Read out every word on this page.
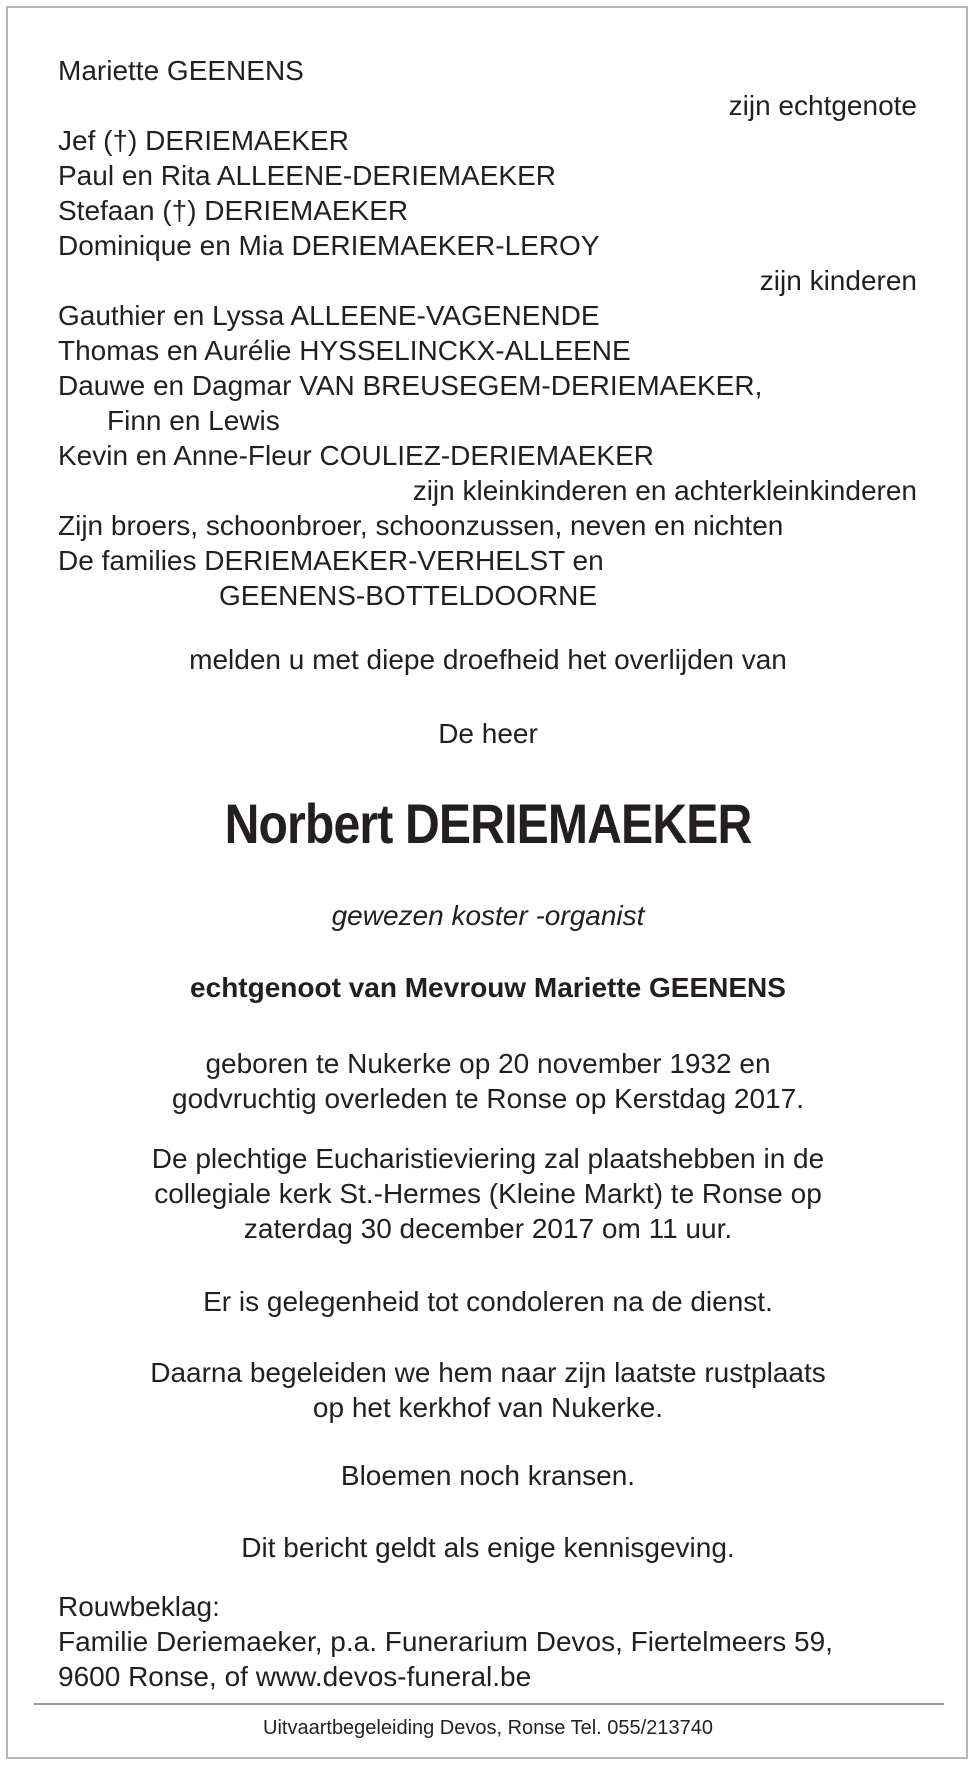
Mariette GEENENS
zijn echtgenote
Jef (†) DERIEMAEKER
Paul en Rita ALLEENE-DERIEMAEKER
Stefaan (†) DERIEMAEKER
Dominique en Mia DERIEMAEKER-LEROY
zijn kinderen
Gauthier en Lyssa ALLEENE-VAGENENDE
Thomas en Aurélie HYSSELINCKX-ALLEENE
Dauwe en Dagmar VAN BREUSEGEM-DERIEMAEKER,
Finn en Lewis
Kevin en Anne-Fleur COULIEZ-DERIEMAEKER
zijn kleinkinderen en achterkleinkinderen
Zijn broers, schoonbroer, schoonzussen, neven en nichten
De families DERIEMAEKER-VERHELST en
GEENENS-BOTTELDOORNE
melden u met diepe droefheid het overlijden van
De heer
Norbert DERIEMAEKER
gewezen koster -organist
echtgenoot van Mevrouw Mariette GEENENS
geboren te Nukerke op 20 november 1932 en
godvruchtig overleden te Ronse op Kerstdag 2017.
De plechtige Eucharistieviering zal plaatshebben in de
collegiale kerk St.-Hermes (Kleine Markt) te Ronse op
zaterdag 30 december 2017 om 11 uur.
Er is gelegenheid tot condoleren na de dienst.
Daarna begeleiden we hem naar zijn laatste rustplaats
op het kerkhof van Nukerke.
Bloemen noch kransen.
Dit bericht geldt als enige kennisgeving.
Rouwbeklag:
Familie Deriemaeker, p.a. Funerarium Devos, Fiertelmeers 59,
9600 Ronse, of www.devos-funeral.be
Uitvaartbegeleiding Devos, Ronse Tel. 055/213740
